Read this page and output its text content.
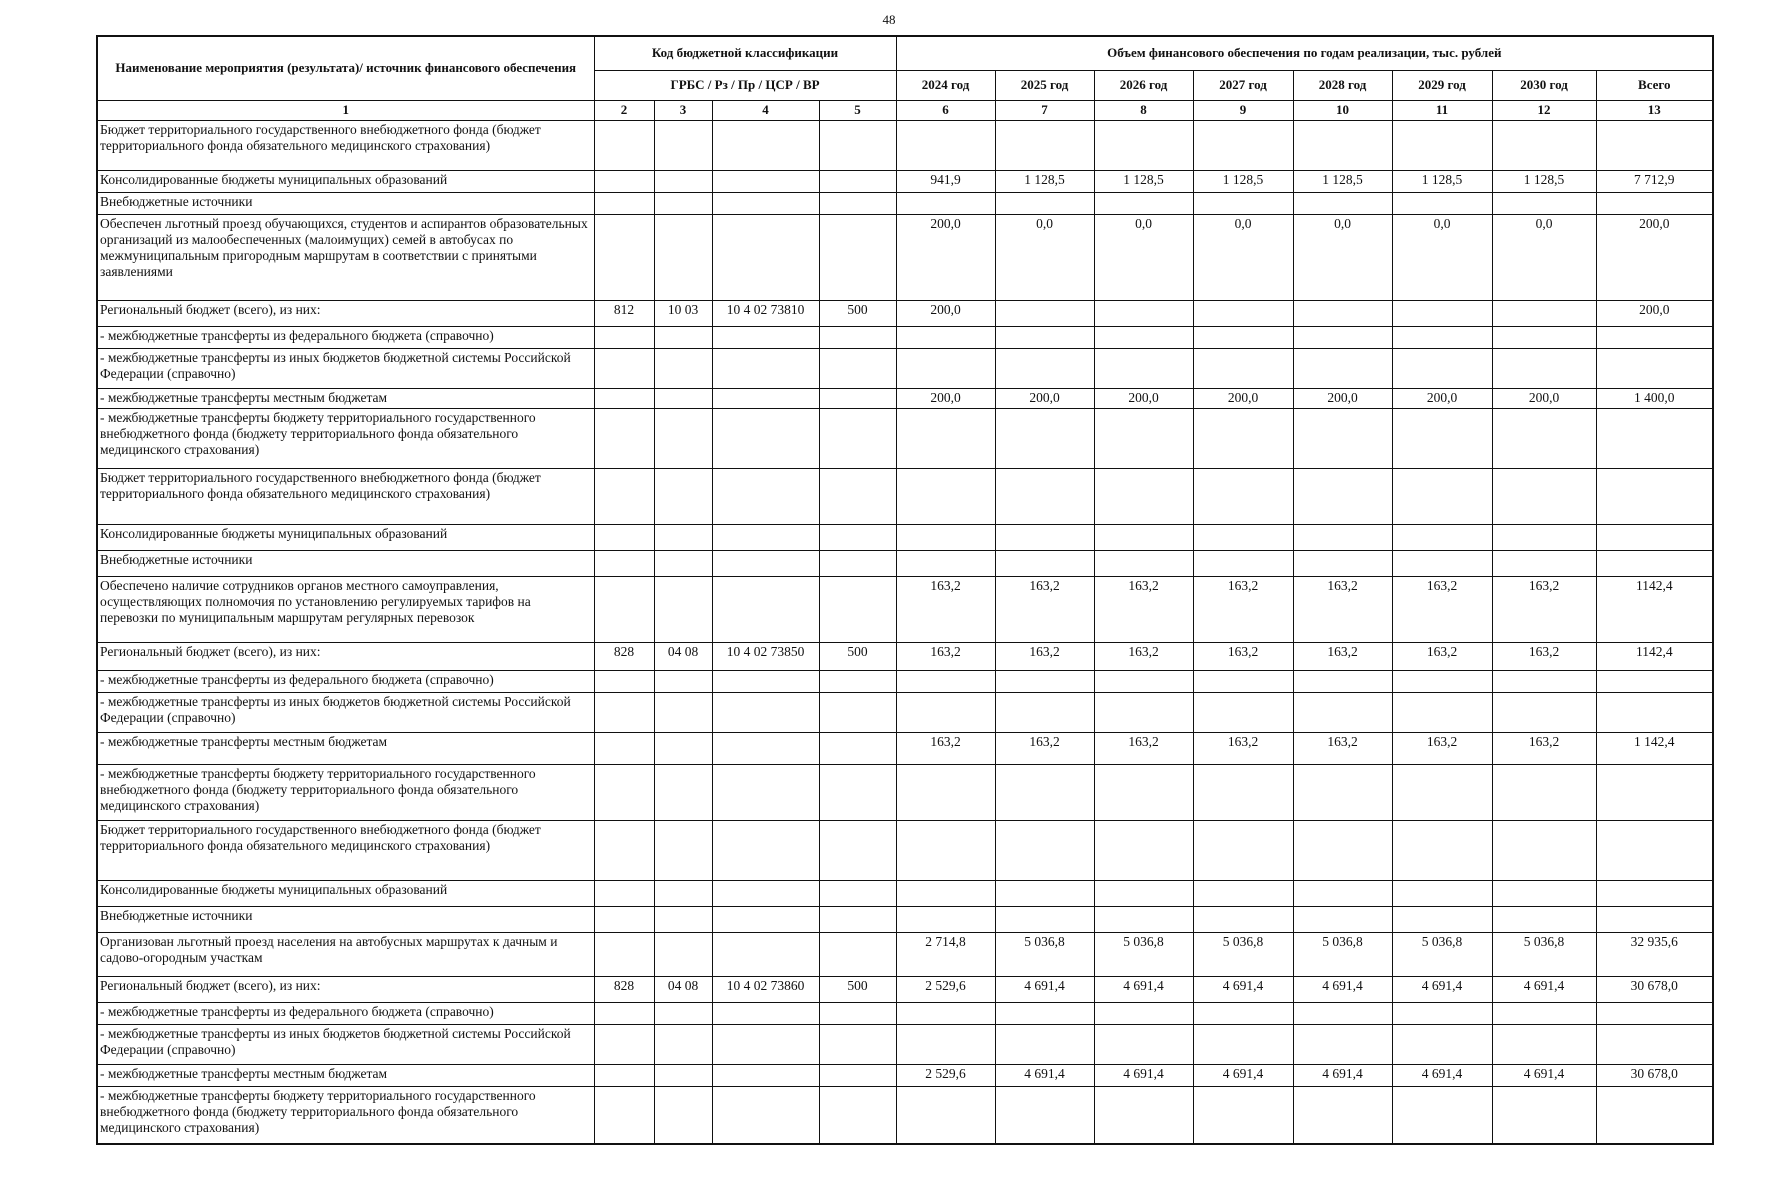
48
Наименование мероприятия (результата)/ источник финансового обеспечения	Код бюджетной классификации				Объем финансового обеспечения по годам реализации, тыс. рублей							
	ГРБС / Рз / Пр / ЦСР / ВР				2024 год	2025 год	2026 год	2027 год	2028 год	2029 год	2030 год	Всего
1	2	3	4	5	6	7	8	9	10	11	12	13
Бюджет территориального государственного внебюджетного фонда (бюджет территориального фонда обязательного медицинского страхования)												
Консолидированные бюджеты муниципальных образований					941,9	1 128,5	1 128,5	1 128,5	1 128,5	1 128,5	1 128,5	7 712,9
Внебюджетные источники												
Обеспечен льготный проезд обучающихся, студентов и аспирантов образовательных организаций из малообеспеченных (малоимущих) семей в автобусах по межмуниципальным пригородным маршрутам в соответствии с принятыми заявлениями					200,0	0,0	0,0	0,0	0,0	0,0	0,0	200,0
Региональный бюджет (всего), из них:	812	10 03	10 4 02 73810	500	200,0							200,0
- межбюджетные трансферты из федерального бюджета (справочно)												
- межбюджетные трансферты из иных бюджетов бюджетной системы Российской Федерации (справочно)												
- межбюджетные трансферты местным бюджетам					200,0	200,0	200,0	200,0	200,0	200,0	200,0	1 400,0
- межбюджетные трансферты бюджету территориального государственного внебюджетного фонда (бюджету территориального фонда обязательного медицинского страхования)												
Бюджет территориального государственного внебюджетного фонда (бюджет территориального фонда обязательного медицинского страхования)												
Консолидированные бюджеты муниципальных образований												
Внебюджетные источники												
Обеспечено наличие сотрудников органов местного самоуправления, осуществляющих полномочия по установлению регулируемых тарифов на перевозки по муниципальным маршрутам регулярных перевозок					163,2	163,2	163,2	163,2	163,2	163,2	163,2	1142,4
Региональный бюджет (всего), из них:	828	04 08	10 4 02 73850	500	163,2	163,2	163,2	163,2	163,2	163,2	163,2	1142,4
- межбюджетные трансферты из федерального бюджета (справочно)												
- межбюджетные трансферты из иных бюджетов бюджетной системы Российской Федерации (справочно)												
- межбюджетные трансферты местным бюджетам					163,2	163,2	163,2	163,2	163,2	163,2	163,2	1 142,4
- межбюджетные трансферты бюджету территориального государственного внебюджетного фонда (бюджету территориального фонда обязательного медицинского страхования)												
Бюджет территориального государственного внебюджетного фонда (бюджет территориального фонда обязательного медицинского страхования)												
Консолидированные бюджеты муниципальных образований												
Внебюджетные источники												
Организован льготный проезд населения на автобусных маршрутах к дачным и садово-огородным участкам					2 714,8	5 036,8	5 036,8	5 036,8	5 036,8	5 036,8	5 036,8	32 935,6
Региональный бюджет (всего), из них:	828	04 08	10 4 02 73860	500	2 529,6	4 691,4	4 691,4	4 691,4	4 691,4	4 691,4	4 691,4	30 678,0
- межбюджетные трансферты из федерального бюджета (справочно)												
- межбюджетные трансферты из иных бюджетов бюджетной системы Российской Федерации (справочно)												
- межбюджетные трансферты местным бюджетам					2 529,6	4 691,4	4 691,4	4 691,4	4 691,4	4 691,4	4 691,4	30 678,0
- межбюджетные трансферты бюджету территориального государственного внебюджетного фонда (бюджету территориального фонда обязательного медицинского страхования)												
